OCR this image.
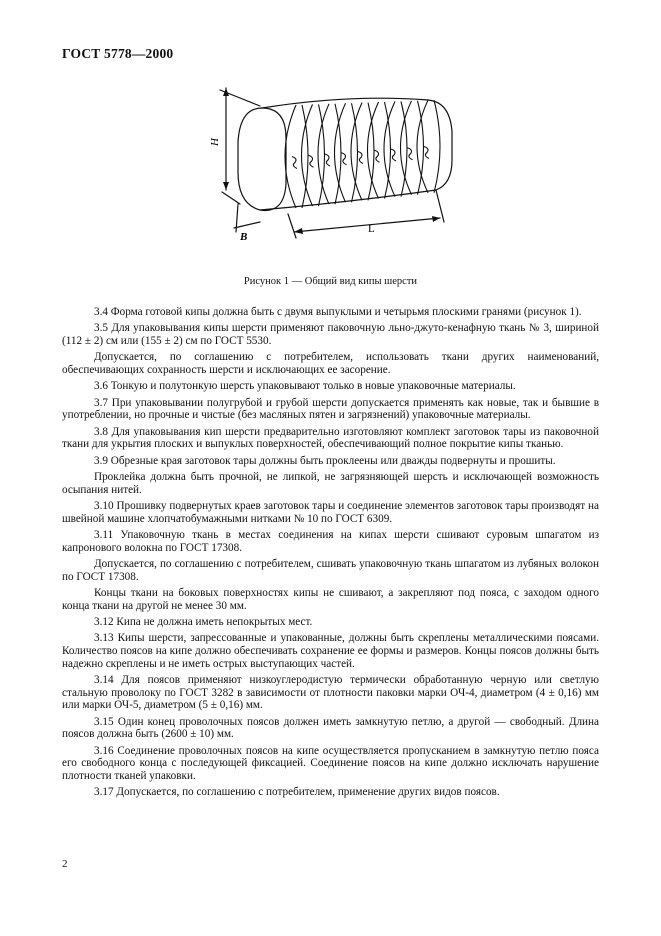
ГОСТ 5778—2000
H
B
L
Рисунок 1 — Общий вид кипы шерсти

3.4 Форма готовой кипы должна быть с двумя выпуклыми и четырьмя плоскими гранями (рисунок 1).

3.5 Для упаковывания кипы шерсти применяют паковочную льно-джуто-кенафную ткань № 3, шириной (112 ± 2) см или (155 ± 2) см по ГОСТ 5530.

Допускается, по соглашению с потребителем, использовать ткани других наименований, обеспечивающих сохранность шерсти и исключающих ее засорение.

3.6 Тонкую и полутонкую шерсть упаковывают только в новые упаковочные материалы.

3.7 При упаковывании полугрубой и грубой шерсти допускается применять как новые, так и бывшие в употреблении, но прочные и чистые (без масляных пятен и загрязнений) упаковочные материалы.

3.8 Для упаковывания кип шерсти предварительно изготовляют комплект заготовок тары из паковочной ткани для укрытия плоских и выпуклых поверхностей, обеспечивающий полное покрытие кипы тканью.

3.9 Обрезные края заготовок тары должны быть проклеены или дважды подвернуты и прошиты.

Проклейка должна быть прочной, не липкой, не загрязняющей шерсть и исключающей возможность осыпания нитей.

3.10 Прошивку подвернутых краев заготовок тары и соединение элементов заготовок тары производят на швейной машине хлопчатобумажными нитками № 10 по ГОСТ 6309.

3.11 Упаковочную ткань в местах соединения на кипах шерсти сшивают суровым шпагатом из капронового волокна по ГОСТ 17308.

Допускается, по соглашению с потребителем, сшивать упаковочную ткань шпагатом из лубяных волокон по ГОСТ 17308.

Концы ткани на боковых поверхностях кипы не сшивают, а закрепляют под пояса, с заходом одного конца ткани на другой не менее 30 мм.

3.12 Кипа не должна иметь непокрытых мест.

3.13 Кипы шерсти, запрессованные и упакованные, должны быть скреплены металлическими поясами. Количество поясов на кипе должно обеспечивать сохранение ее формы и размеров. Концы поясов должны быть надежно скреплены и не иметь острых выступающих частей.

3.14 Для поясов применяют низкоуглеродистую термически обработанную черную или светлую стальную проволоку по ГОСТ 3282 в зависимости от плотности паковки марки ОЧ-4, диаметром (4 ± 0,16) мм или марки ОЧ-5, диаметром (5 ± 0,16) мм.

3.15 Один конец проволочных поясов должен иметь замкнутую петлю, а другой — свободный. Длина поясов должна быть (2600 ± 10) мм.

3.16 Соединение проволочных поясов на кипе осуществляется пропусканием в замкнутую петлю пояса его свободного конца с последующей фиксацией. Соединение поясов на кипе должно исключать нарушение плотности тканей упаковки.

3.17 Допускается, по соглашению с потребителем, применение других видов поясов.

2
